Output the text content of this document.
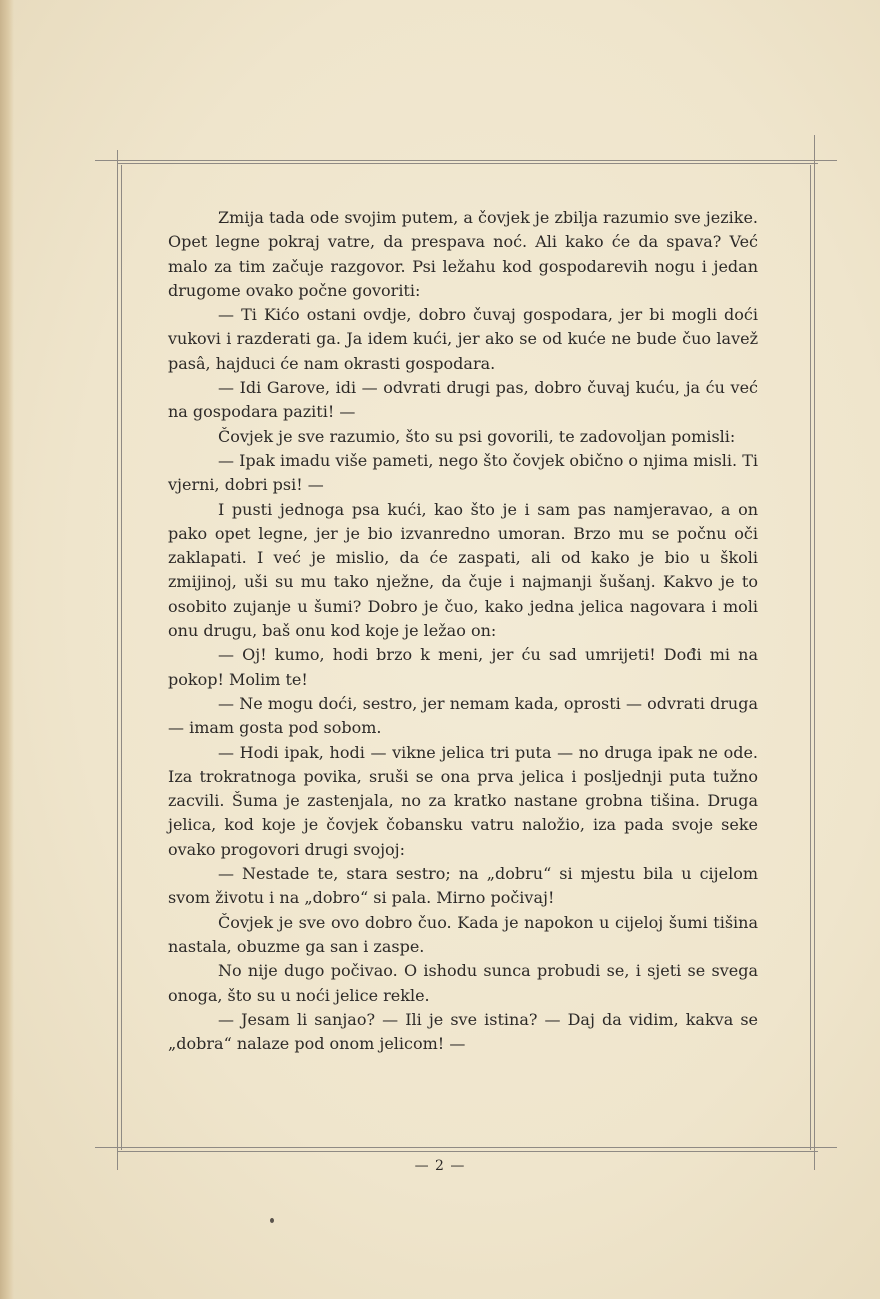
Zmija tada ode svojim putem, a čovjek je zbilja razumio sve jezike. Opet legne pokraj vatre, da prespava noć. Ali kako će da spava? Već malo za tim začuje razgovor. Psi ležahu kod gospodarevih nogu i jedan drugome ovako počne govoriti:

— Ti Kićo ostani ovdje, dobro čuvaj gospodara, jer bi mogli doći vukovi i razderati ga. Ja idem kući, jer ako se od kuće ne bude čuo lavež pasâ, hajduci će nam okrasti gospodara.

— Idi Garove, idi — odvrati drugi pas, dobro čuvaj kuću, ja ću već na gospodara paziti! —

Čovjek je sve razumio, što su psi govorili, te zadovoljan pomisli:

— Ipak imadu više pameti, nego što čovjek obično o njima misli. Ti vjerni, dobri psi! —

I pusti jednoga psa kući, kao što je i sam pas namjeravao, a on pako opet legne, jer je bio izvanredno umoran. Brzo mu se počnu oči zaklapati. I već je mislio, da će zaspati, ali od kako je bio u školi zmijinoj, uši su mu tako nježne, da čuje i najmanji šušanj. Kakvo je to osobito zujanje u šumi? Dobro je čuo, kako jedna jelica nagovara i moli onu drugu, baš onu kod koje je ležao on:

— Oj! kumo, hodi brzo k meni, jer ću sad umrijeti! Dođi mi na pokop! Molim te!

— Ne mogu doći, sestro, jer nemam kada, oprosti — odvrati druga — imam gosta pod sobom.

— Hodi ipak, hodi — vikne jelica tri puta — no druga ipak ne ode. Iza trokratnoga povika, sruši se ona prva jelica i posljednji puta tužno zacvili. Šuma je zastenjala, no za kratko nastane grobna tišina. Druga jelica, kod koje je čovjek čobansku vatru naložio, iza pada svoje seke ovako progovori drugi svojoj:

— Nestade te, stara sestro; na „dobru“ si mjestu bila u cijelom svom životu i na „dobro“ si pala. Mirno počivaj!

Čovjek je sve ovo dobro čuo. Kada je napokon u cijeloj šumi tišina nastala, obuzme ga san i zaspe.

No nije dugo počivao. O ishodu sunca probudi se, i sjeti se svega onoga, što su u noći jelice rekle.

— Jesam li sanjao? — Ili je sve istina? — Daj da vidim, kakva se „dobra“ nalaze pod onom jelicom! —

— 2 —
